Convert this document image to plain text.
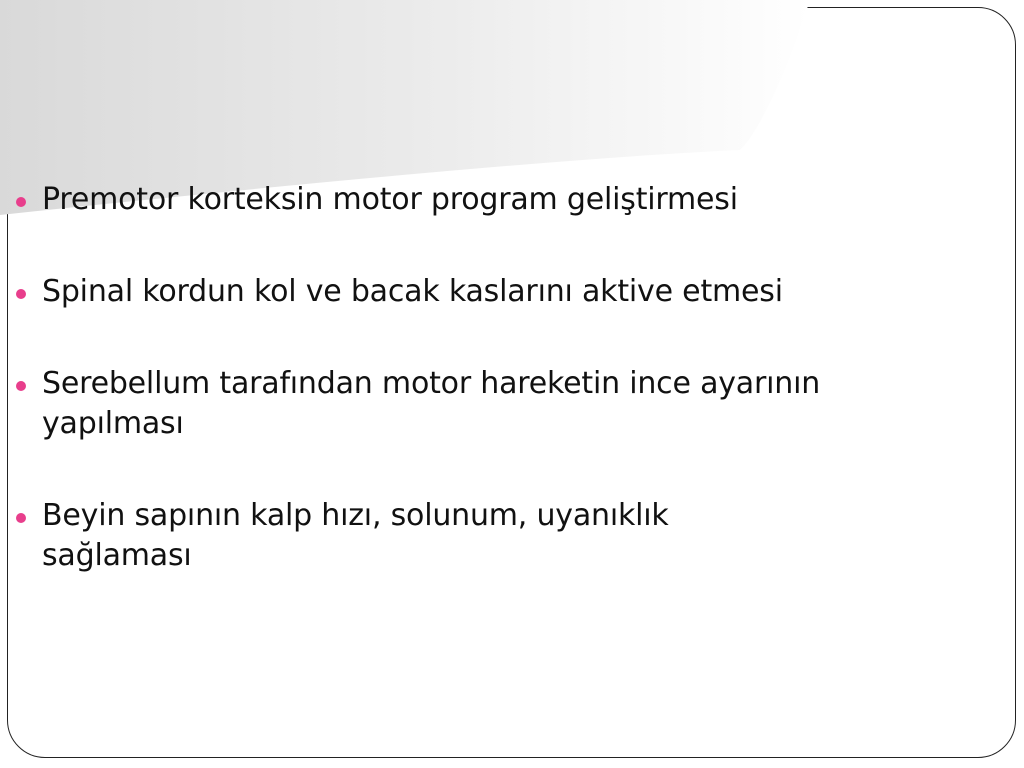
Premotor korteksin motor program geliştirmesi
Spinal kordun kol ve bacak kaslarını aktive etmesi
Serebellum tarafından motor hareketin ince ayarının yapılması
Beyin sapının kalp hızı, solunum, uyanıklık sağlaması
